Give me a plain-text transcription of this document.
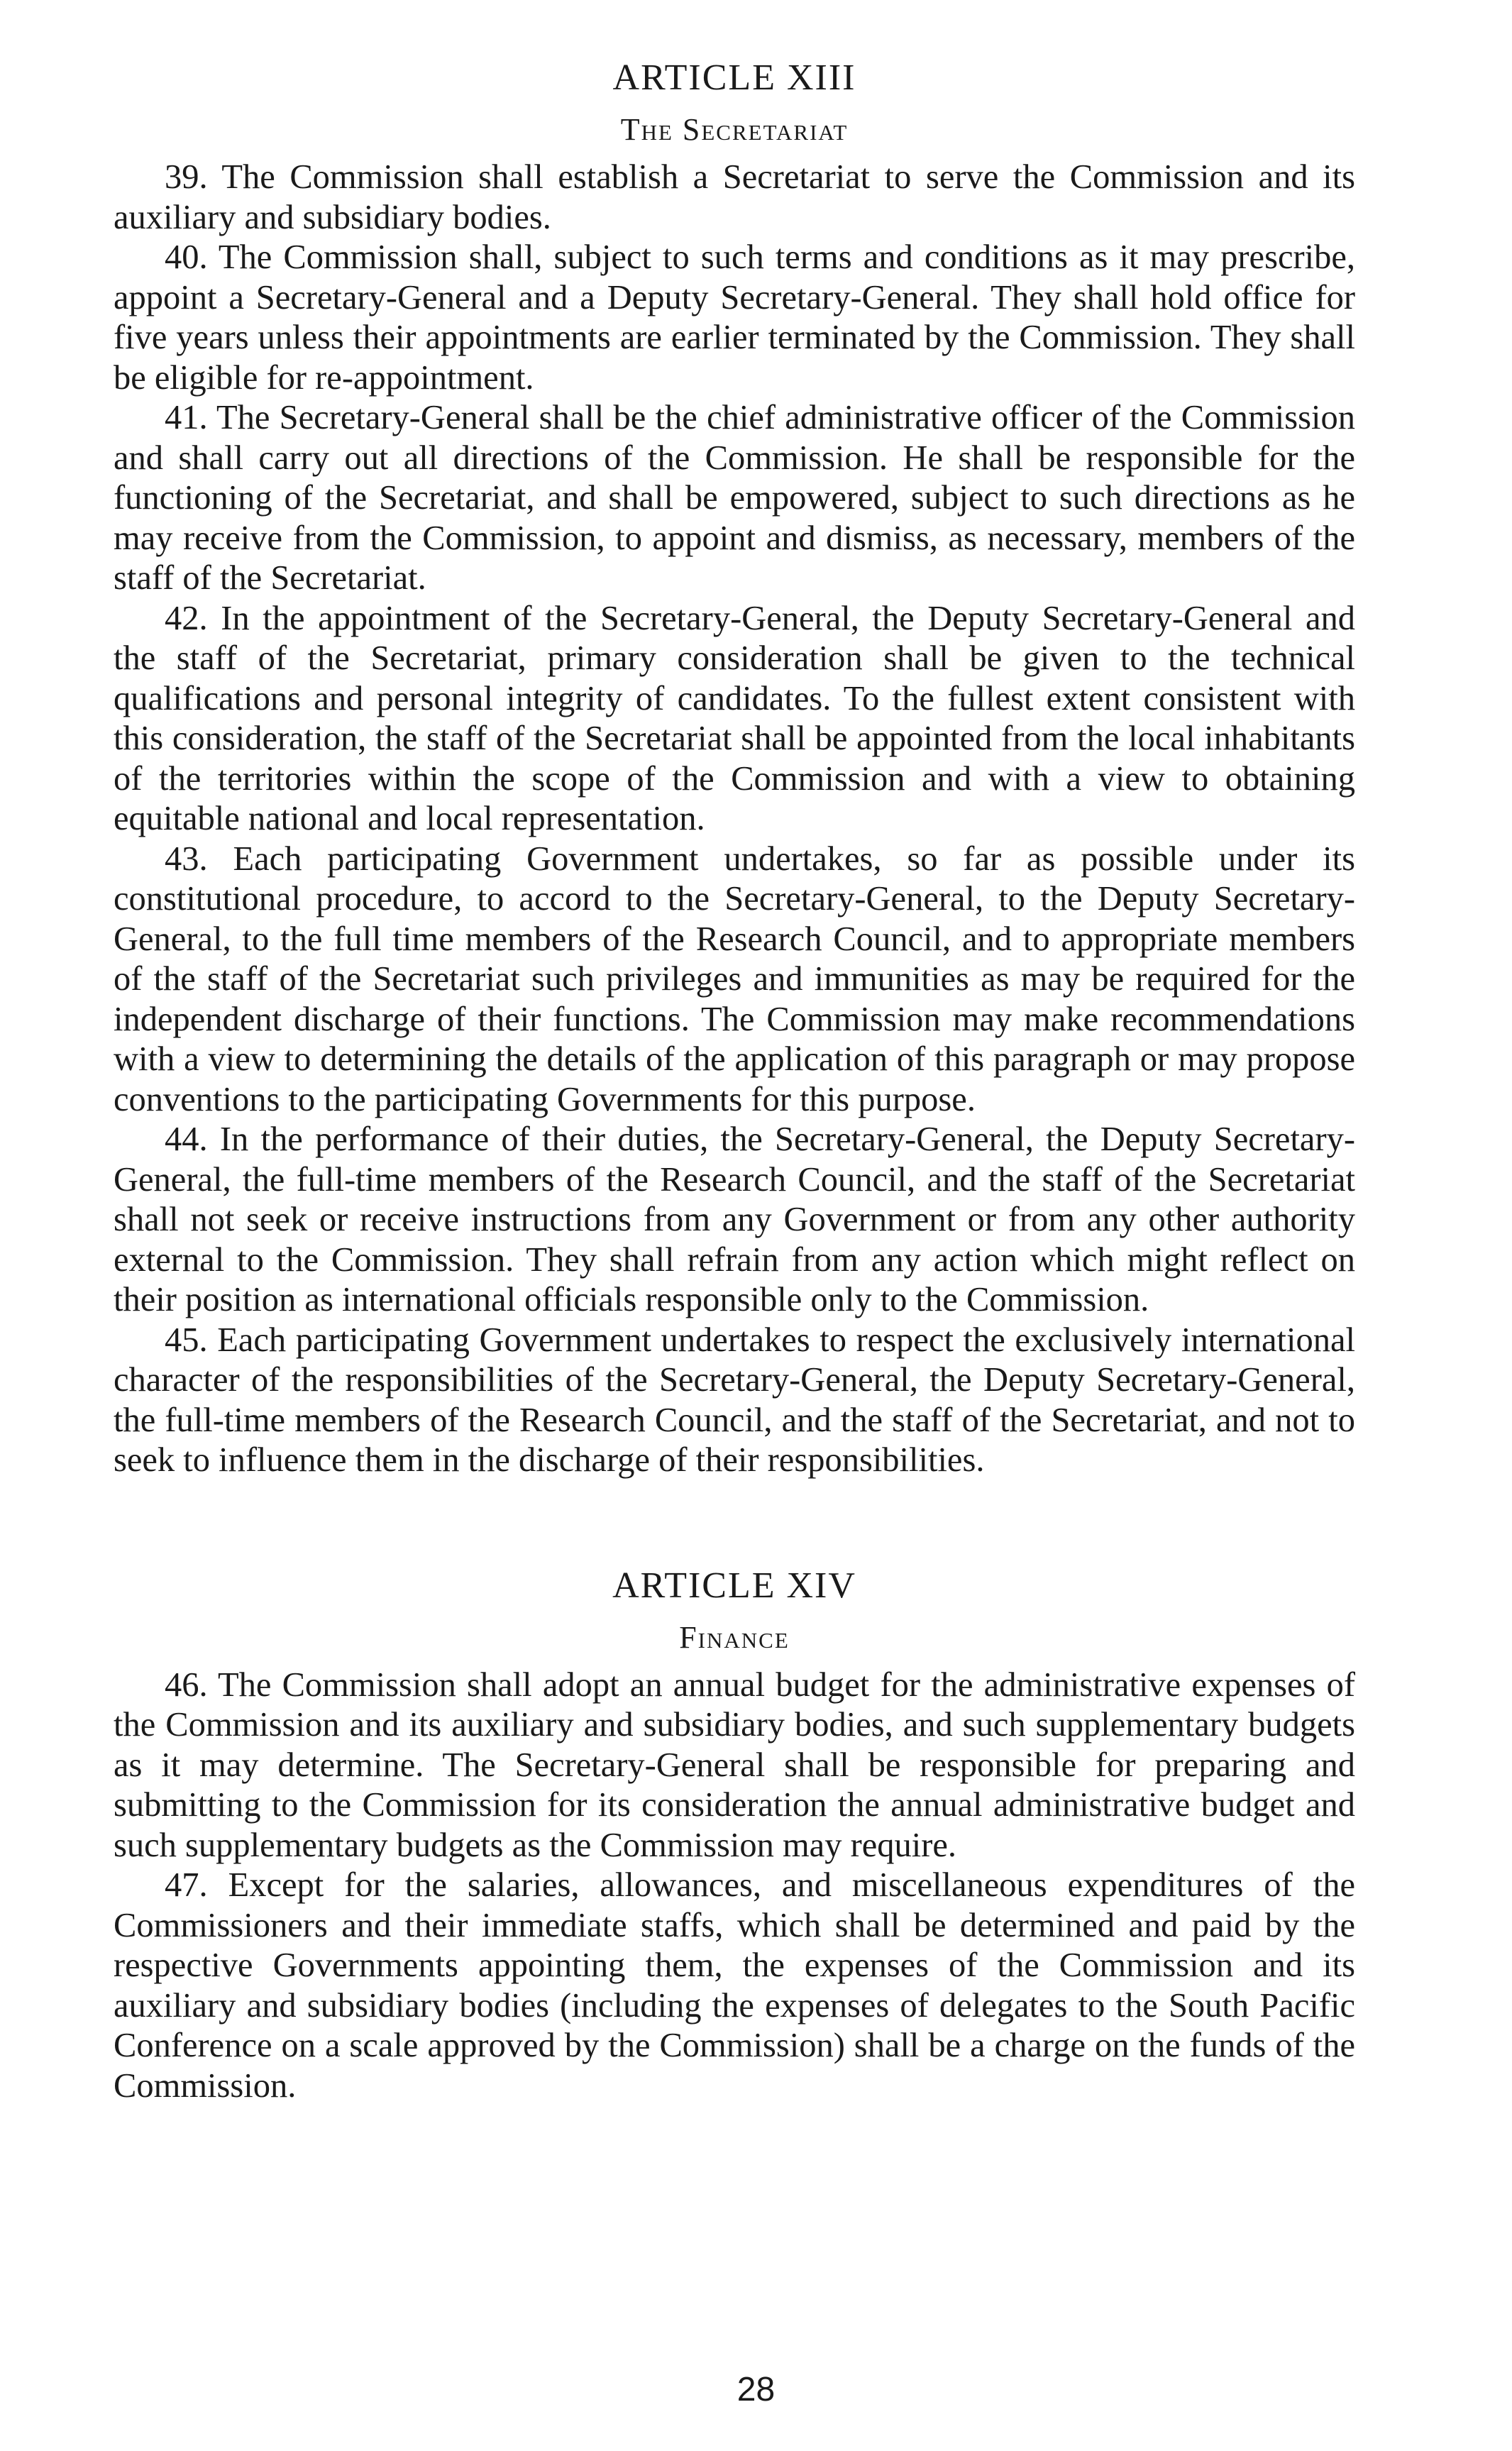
ARTICLE XIII
The Secretariat

39. The Commission shall establish a Secretariat to serve the Commission and its auxiliary and subsidiary bodies.

40. The Commission shall, subject to such terms and conditions as it may prescribe, appoint a Secretary-General and a Deputy Secretary-General. They shall hold office for five years unless their appointments are earlier terminated by the Commission. They shall be eligible for re-appointment.

41. The Secretary-General shall be the chief administrative officer of the Commission and shall carry out all directions of the Commission. He shall be responsible for the functioning of the Secretariat, and shall be empowered, subject to such directions as he may receive from the Commission, to appoint and dismiss, as necessary, members of the staff of the Secretariat.

42. In the appointment of the Secretary-General, the Deputy Secretary-General and the staff of the Secretariat, primary consideration shall be given to the technical qualifications and personal integrity of candidates. To the fullest extent consistent with this consideration, the staff of the Secretariat shall be appointed from the local inhabitants of the territories within the scope of the Commission and with a view to obtaining equitable national and local representation.

43. Each participating Government undertakes, so far as possible under its constitutional procedure, to accord to the Secretary-General, to the Deputy Secretary-General, to the full time members of the Research Council, and to appropriate members of the staff of the Secretariat such privileges and immunities as may be required for the independent discharge of their functions. The Commission may make recommendations with a view to determining the details of the application of this paragraph or may propose conventions to the participating Governments for this purpose.

44. In the performance of their duties, the Secretary-General, the Deputy Secretary-General, the full-time members of the Research Council, and the staff of the Secretariat shall not seek or receive instructions from any Government or from any other authority external to the Commission. They shall refrain from any action which might reflect on their position as international officials responsible only to the Commission.

45. Each participating Government undertakes to respect the exclusively international character of the responsibilities of the Secretary-General, the Deputy Secretary-General, the full-time members of the Research Council, and the staff of the Secretariat, and not to seek to influence them in the discharge of their responsibilities.

ARTICLE XIV
Finance

46. The Commission shall adopt an annual budget for the administrative expenses of the Commission and its auxiliary and subsidiary bodies, and such supplementary budgets as it may determine. The Secretary-General shall be responsible for preparing and submitting to the Commission for its consideration the annual administrative budget and such supplementary budgets as the Commission may require.

47. Except for the salaries, allowances, and miscellaneous expenditures of the Commissioners and their immediate staffs, which shall be determined and paid by the respective Governments appointing them, the expenses of the Commission and its auxiliary and subsidiary bodies (including the expenses of delegates to the South Pacific Conference on a scale approved by the Commission) shall be a charge on the funds of the Commission.

28
